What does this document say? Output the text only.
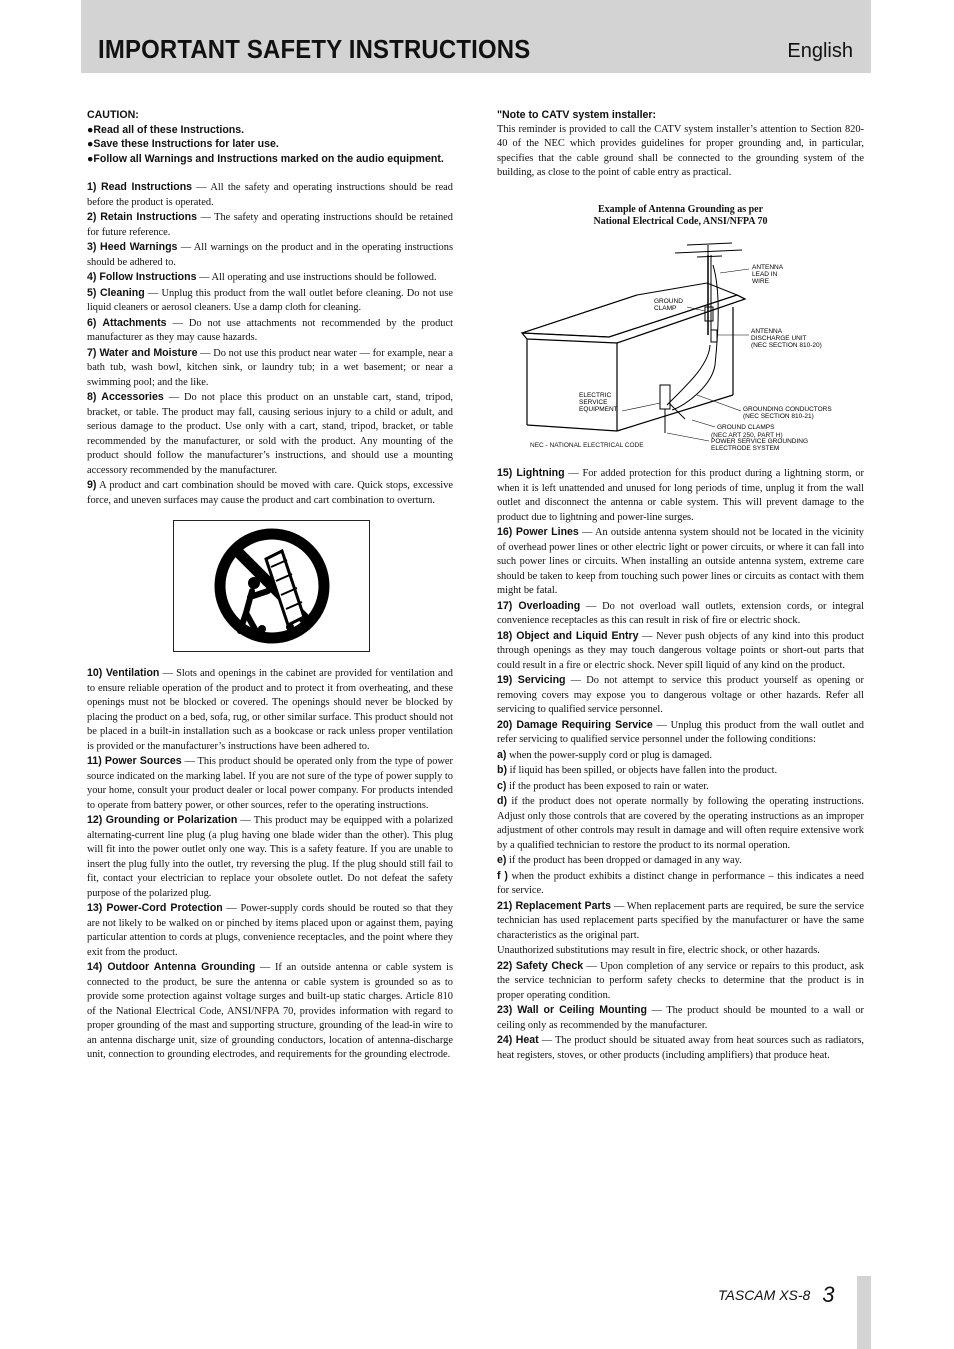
IMPORTANT SAFETY INSTRUCTIONS	English

CAUTION:

●Read all of these Instructions.

●Save these Instructions for later use.

●Follow all Warnings and Instructions marked on the audio equipment.

1) Read Instructions — All the safety and operating instructions should be read before the product is operated.

2) Retain Instructions — The safety and operating instructions should be retained for future reference.

3) Heed Warnings — All warnings on the product and in the operating instructions should be adhered to.

4) Follow Instructions — All operating and use instructions should be followed.

5) Cleaning — Unplug this product from the wall outlet before cleaning. Do not use liquid cleaners or aerosol cleaners. Use a damp cloth for cleaning.

6) Attachments — Do not use attachments not recommended by the product manufacturer as they may cause hazards.

7) Water and Moisture — Do not use this product near water — for example, near a bath tub, wash bowl, kitchen sink, or laundry tub; in a wet basement; or near a swimming pool; and the like.

8) Accessories — Do not place this product on an unstable cart, stand, tripod, bracket, or table. The product may fall, causing serious injury to a child or adult, and serious damage to the product. Use only with a cart, stand, tripod, bracket, or table recommended by the manufacturer, or sold with the product. Any mounting of the product should follow the manufacturer’s instructions, and should use a mounting accessory recommended by the manufacturer.

9) A product and cart combination should be moved with care. Quick stops, excessive force, and uneven surfaces may cause the product and cart combination to overturn.

10) Ventilation — Slots and openings in the cabinet are provided for ventilation and to ensure reliable operation of the product and to protect it from overheating, and these openings must not be blocked or covered. The openings should never be blocked by placing the product on a bed, sofa, rug, or other similar surface. This product should not be placed in a built-in installation such as a bookcase or rack unless proper ventilation is provided or the manufacturer’s instructions have been adhered to.

11) Power Sources — This product should be operated only from the type of power source indicated on the marking label. If you are not sure of the type of power supply to your home, consult your product dealer or local power company. For products intended to operate from battery power, or other sources, refer to the operating instructions.

12) Grounding or Polarization — This product may be equipped with a polarized alternating-current line plug (a plug having one blade wider than the other). This plug will fit into the power outlet only one way. This is a safety feature. If you are unable to insert the plug fully into the outlet, try reversing the plug. If the plug should still fail to fit, contact your electrician to replace your obsolete outlet. Do not defeat the safety purpose of the polarized plug.

13) Power-Cord Protection — Power-supply cords should be routed so that they are not likely to be walked on or pinched by items placed upon or against them, paying particular attention to cords at plugs, convenience receptacles, and the point where they exit from the product.

14) Outdoor Antenna Grounding — If an outside antenna or cable system is connected to the product, be sure the antenna or cable system is grounded so as to provide some protection against voltage surges and built-up static charges. Article 810 of the National Electrical Code, ANSI/NFPA 70, provides information with regard to proper grounding of the mast and supporting structure, grounding of the lead-in wire to an antenna discharge unit, size of grounding conductors, location of antenna-discharge unit, connection to grounding electrodes, and requirements for the grounding electrode.

"Note to CATV system installer:

This reminder is provided to call the CATV system installer’s attention to Section 820-40 of the NEC which provides guidelines for proper grounding and, in particular, specifies that the cable ground shall be connected to the grounding system of the building, as close to the point of cable entry as practical.

Example of Antenna Grounding as per
National Electrical Code, ANSI/NFPA 70

ANTENNA
LEAD IN
WIRE
GROUND
CLAMP
ANTENNA
DISCHARGE UNIT
(NEC SECTION 810-20)
ELECTRIC
SERVICE
EQUIPMENT	GROUNDING CONDUCTORS
(NEC SECTION 810-21)
GROUND CLAMPS
POWER SERVICE GROUNDING
ELECTRODE SYSTEM
(NEC ART 250, PART H)
NEC - NATIONAL ELECTRICAL CODE

15) Lightning — For added protection for this product during a lightning storm, or when it is left unattended and unused for long periods of time, unplug it from the wall outlet and disconnect the antenna or cable system. This will prevent damage to the product due to lightning and power-line surges.

16) Power Lines — An outside antenna system should not be located in the vicinity of overhead power lines or other electric light or power circuits, or where it can fall into such power lines or circuits. When installing an outside antenna system, extreme care should be taken to keep from touching such power lines or circuits as contact with them might be fatal.

17) Overloading — Do not overload wall outlets, extension cords, or integral convenience receptacles as this can result in risk of fire or electric shock.

18) Object and Liquid Entry — Never push objects of any kind into this product through openings as they may touch dangerous voltage points or short-out parts that could result in a fire or electric shock. Never spill liquid of any kind on the product.

19) Servicing — Do not attempt to service this product yourself as opening or removing covers may expose you to dangerous voltage or other hazards. Refer all servicing to qualified service personnel.

20) Damage Requiring Service — Unplug this product from the wall outlet and refer servicing to qualified service personnel under the following conditions:

a) when the power-supply cord or plug is damaged.

b) if liquid has been spilled, or objects have fallen into the product.

c) if the product has been exposed to rain or water.

d) if the product does not operate normally by following the operating instructions. Adjust only those controls that are covered by the operating instructions as an improper adjustment of other controls may result in damage and will often require extensive work by a qualified technician to restore the product to its normal operation.

e) if the product has been dropped or damaged in any way.

f ) when the product exhibits a distinct change in performance – this indicates a need for service.

21) Replacement Parts — When replacement parts are required, be sure the service technician has used replacement parts specified by the manufacturer or have the same characteristics as the original part.

Unauthorized substitutions may result in fire, electric shock, or other hazards.

22) Safety Check — Upon completion of any service or repairs to this product, ask the service technician to perform safety checks to determine that the product is in proper operating condition.

23) Wall or Ceiling Mounting — The product should be mounted to a wall or ceiling only as recommended by the manufacturer.

24) Heat — The product should be situated away from heat sources such as radiators, heat registers, stoves, or other products (including amplifiers) that produce heat.

TASCAM XS-8 3
